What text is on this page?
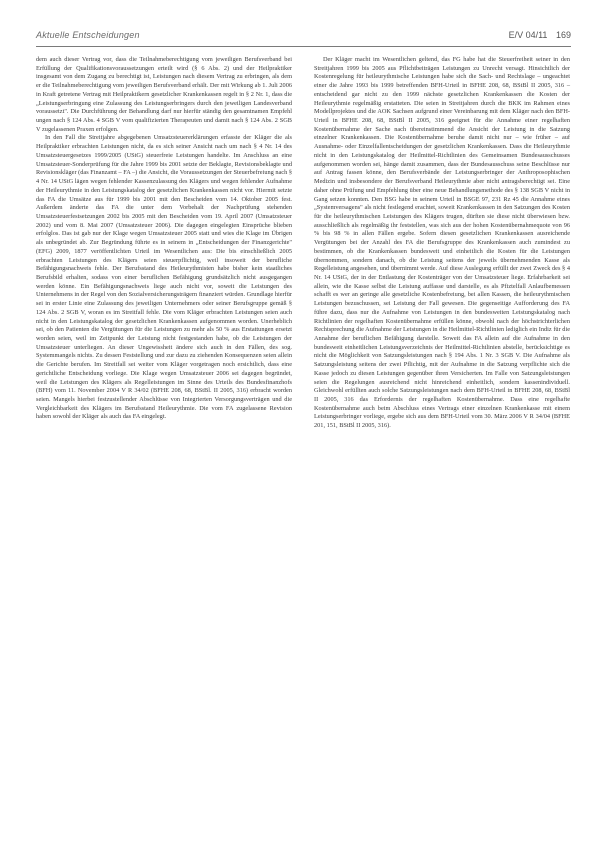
Aktuelle Entscheidungen	E/V 04/11 169

dem auch dieser Vertrag vor, dass die Teilnahmeberechtigung vom jeweiligen Berufsverband bei Erfüllung der Qualifikationsvoraussetzungen erteilt wird (§ 6 Abs. 2) und der Heilpraktiker insgesamt von dem Zugang zu berechtigt ist, Leistungen nach diesem Vertrag zu erbringen, als dem er die Teilnahmeberechtigung vom jeweiligen Berufsverband erhält. Der mit Wirkung ab 1. Juli 2006 in Kraft getretene Vertrag mit Heilpraktikern gesetzlicher Krankenkassen regelt in § 2 Nr. 1, dass die „Leistungserbringung eine Zulassung des Leistungserbringers durch den jeweiligen Landesverband voraussetzt". Die Durchführung der Behandlung darf nur hierfür ständig den gesamtnamen Empfehl ungen nach § 124 Abs. 4 SGB V vom qualifizierten Therapeuten und damit nach § 124 Abs. 2 SGB V zugelassenen Praxen erfolgen.

In den Fall die Streitjahre abgegebenen Umsatzsteuererklärungen erfasste der Kläger die als Heilpraktiker erbrachten Leistungen nicht, da es sich seiner Ansicht nach um nach § 4 Nr. 14 des Umsatzsteuergesetzes 1999/2005 (UStG) steuerfreie Leistungen handelte. Im Anschluss an eine Umsatzsteuer-Sonderprüfung für die Jahre 1999 bis 2001 setzte der Beklagte, Revisionsbeklagte und Revisionskläger (das Finanzamt – FA –) die Ansicht, die Voraussetzungen der Steuerbefreiung nach § 4 Nr. 14 UStG lägen wegen fehlender Kassenzulassung des Klägers und wegen fehlender Aufnahme der Heileurythmie in den Leistungskatalog der gesetzlichen Krankenkassen nicht vor. Hiermit setzte das FA die Umsätze aus für 1999 bis 2001 mit den Bescheiden vom 14. Oktober 2005 fest. Außerdem änderte das FA die unter dem Vorbehalt der Nachprüfung stehenden Umsatzsteuerfestsetzungen 2002 bis 2005 mit den Bescheiden vom 19. April 2007 (Umsatzsteuer 2002) und vom 8. Mai 2007 (Umsatzsteuer 2006). Die dagegen eingelegten Einsprüche blieben erfolglos. Das ist gab nur der Klage wegen Umsatzsteuer 2005 statt und wies die Klage im Übrigen als unbegründet ab. Zur Begründung führte es in seinem in „Entscheidungen der Finanzgerichte" (EFG) 2009, 1877 veröffentlichten Urteil im Wesentlichen aus: Die bis einschließlich 2005 erbrachten Leistungen des Klägers seien steuerpflichtig, weil insoweit der berufliche Befähigungsnachweis fehle. Der Berufsstand des Heileurythmisten habe bisher kein staatliches Berufsbild erhalten, sodass von einer beruflichen Befähigung grundsätzlich nicht ausgegangen werden könne. Ein Befähigungsnachweis liege auch nicht vor, soweit die Leistungen des Unternehmens in der Regel von den Sozialversicherungsträgern finanziert würden. Grundlage hierfür sei in erster Linie eine Zulassung des jeweiligen Unternehmers oder seiner Berufsgruppe gemäß § 124 Abs. 2 SGB V, woran es im Streitfall fehle. Die vom Kläger erbrachten Leistungen seien auch nicht in den Leistungskatalog der gesetzlichen Krankenkassen aufgenommen worden. Unerheblich sei, ob den Patienten die Vergütungen für die Leistungen zu mehr als 50 % aus Erstattungen ersetzt worden seien, weil im Zeitpunkt der Leistung nicht festgestanden habe, ob die Leistungen der Umsatzsteuer unterliegen. An dieser Ungewissheit ändere sich auch in den Fällen, des sog. Systemmangels nichts. Zu dessen Feststellung und zur dazu zu ziehenden Konsequenzen seien allein die Gerichte berufen. Im Streitfall sei weiter vom Kläger vorgetragen noch ersichtlich, dass eine gerichtliche Entscheidung vorliege. Die Klage wegen Umsatzsteuer 2006 sei dagegen begründet, weil die Leistungen des Klägers als Regelleistungen im Sinne des Urteils des Bundesfinanzhofs (BFH) vom 11. November 2004 V R 34/02 (BFHE 208, 68, BStBl. II 2005, 316) erbracht worden seien. Mangels hierbei festzustellender Abschlüsse von Integrierten Versorgungsverträgen und die Vergleichbarkeit des Klägers im Berufsstand Heileurythmie. Die vom FA zugelassene Revision haben sowohl der Kläger als auch das FA eingelegt.

Der Kläger macht im Wesentlichen geltend, das FG habe hat die Steuerfreiheit seiner in den Streitjahren 1999 bis 2005 aus Pflichtbeiträgen Leistungen zu Unrecht versagt. Hinsichtlich der Kostenregelung für heileurythmische Leistungen habe sich die Sach- und Rechtslage – ungeachtet einer die Jahre 1993 bis 1999 betreffenden BFH-Urteil in BFHE 208, 68, BStBl II 2005, 316 – entscheidend gar nicht zu den 1999 nächste gesetzlichen Krankenkassen die Kosten der Heileurythmie regelmäßig erstatteten. Die seien in Streitjahren durch die BKK im Rahmen eines Modellprojektes und die AOK Sachsen aufgrund einer Vereinbarung mit dem Kläger nach den BFH-Urteil in BFHE 208, 68, BStBl II 2005, 316 geeignet für die Annahme einer regelhaften Kostenübernahme der Sache nach übereinstimmend die Ansicht der Leistung in die Satzung einzelner Krankenkassen. Die Kostenübernahme beruhe damit nicht nur – wie früher – auf Ausnahme- oder Einzelfallentscheidungen der gesetzlichen Krankenkassen. Dass die Heileurythmie nicht in den Leistungskatalog der Heilmittel-Richtlinien des Gemeinsamen Bundesausschusses aufgenommen worden sei, hänge damit zusammen, dass der Bundesausschuss seine Beschlüsse nur auf Antrag fassen könne, den Berufsverbände der Leistungserbringer der Anthroposophischen Medizin und insbesondere der Berufsverband Heileurythmie aber nicht antragsberechtigt sei. Eine daher ohne Prüfung und Empfehlung über eine neue Behandlungsmethode des § 138 SGB V nicht in Gang setzen konnten. Den BSG habe in seinem Urteil in BSGE 97, 231 Rz 45 die Annahme eines „Systemversagens" als nicht festlegend erachtet, soweit Krankenkassen in den Satzungen des Kosten für die heileurythmischen Leistungen des Klägers trugen, dürften sie diese nicht überwiesen bzw. ausschließlich als regelmäßig ihr feststellen, was sich aus der hohen Kostenübernahmequote von 96 % bis 98 % in allen Fällen ergebe. Sofern diesen gesetzlichen Krankenkassen ausreichende Vergütungen bei der Anzahl des FA die Berufsgruppe des Krankenkassen auch zumindest zu bestimmen, ob die Krankenkassen bundesweit und einheitlich die Kosten für die Leistungen übernommen, sondern danach, ob die Leistung seitens der jeweils übernehmenden Kasse als Regelleistung angesehen, und übernimmt werde. Auf diese Auslegung erfüllt der zwei Zweck des § 4 Nr. 14 UStG, der in der Entlastung der Kostenträger von der Umsatzsteuer liege. Erfahrbarkeit sei allein, wie die Kasse selbst die Leistung auffasse und darstelle, es als Pfiztelfall Anlaufbemessen schafft es wer an geringe alle gesetzliche Kostenbefreiung, bei allen Kassen, die heileurythmischen Leistungen bezuschussen, sei Leistung der Fall gewesen. Die gegenseitige Aufforderung des FA führe dazu, dass nur die Aufnahme von Leistungen in den bundesweiten Leistungskatalog nach Richtlinien der regelhaften Kostenübernahme erfüllen könne, obwohl nach der höchstrichterlichen Rechtsprechung die Aufnahme der Leistungen in die Heilmittel-Richtlinien lediglich ein Indiz für die Annahme der beruflichen Befähigung darstelle. Soweit das FA allein auf die Aufnahme in den bundesweit einheitlichen Leistungsverzeichnis der Heilmittel-Richtlinien abstelle, berücksichtige es nicht die Möglichkeit von Satzungsleistungen nach § 194 Abs. 1 Nr. 3 SGB V. Die Aufnahme als Satzungsleistung seitens der zwei Pflichtig, mit der Aufnahme in die Satzung verpflichte sich die Kasse jedoch zu diesen Leistungen gegenüber ihren Versicherten. Im Falle von Satzungsleistungen seien die Regelungen ausreichend nicht hinreichend einheitlich, sondern kassenindividuell. Gleichwohl erfüllten auch solche Satzungsleistungen nach dem BFH-Urteil in BFHE 208, 68, BStBl II 2005, 316 das Erfordernis der regelhaften Kostenübernahme. Dass eine regelhafte Kostenübernahme auch beim Abschluss eines Vertrags einer einzelnen Krankenkasse mit einem Leistungserbringer vorliege, ergebe sich aus dem BFH-Urteil vom 30. März 2006 V R 34/04 (BFHE 201, 151, BStBl II 2005, 316).
